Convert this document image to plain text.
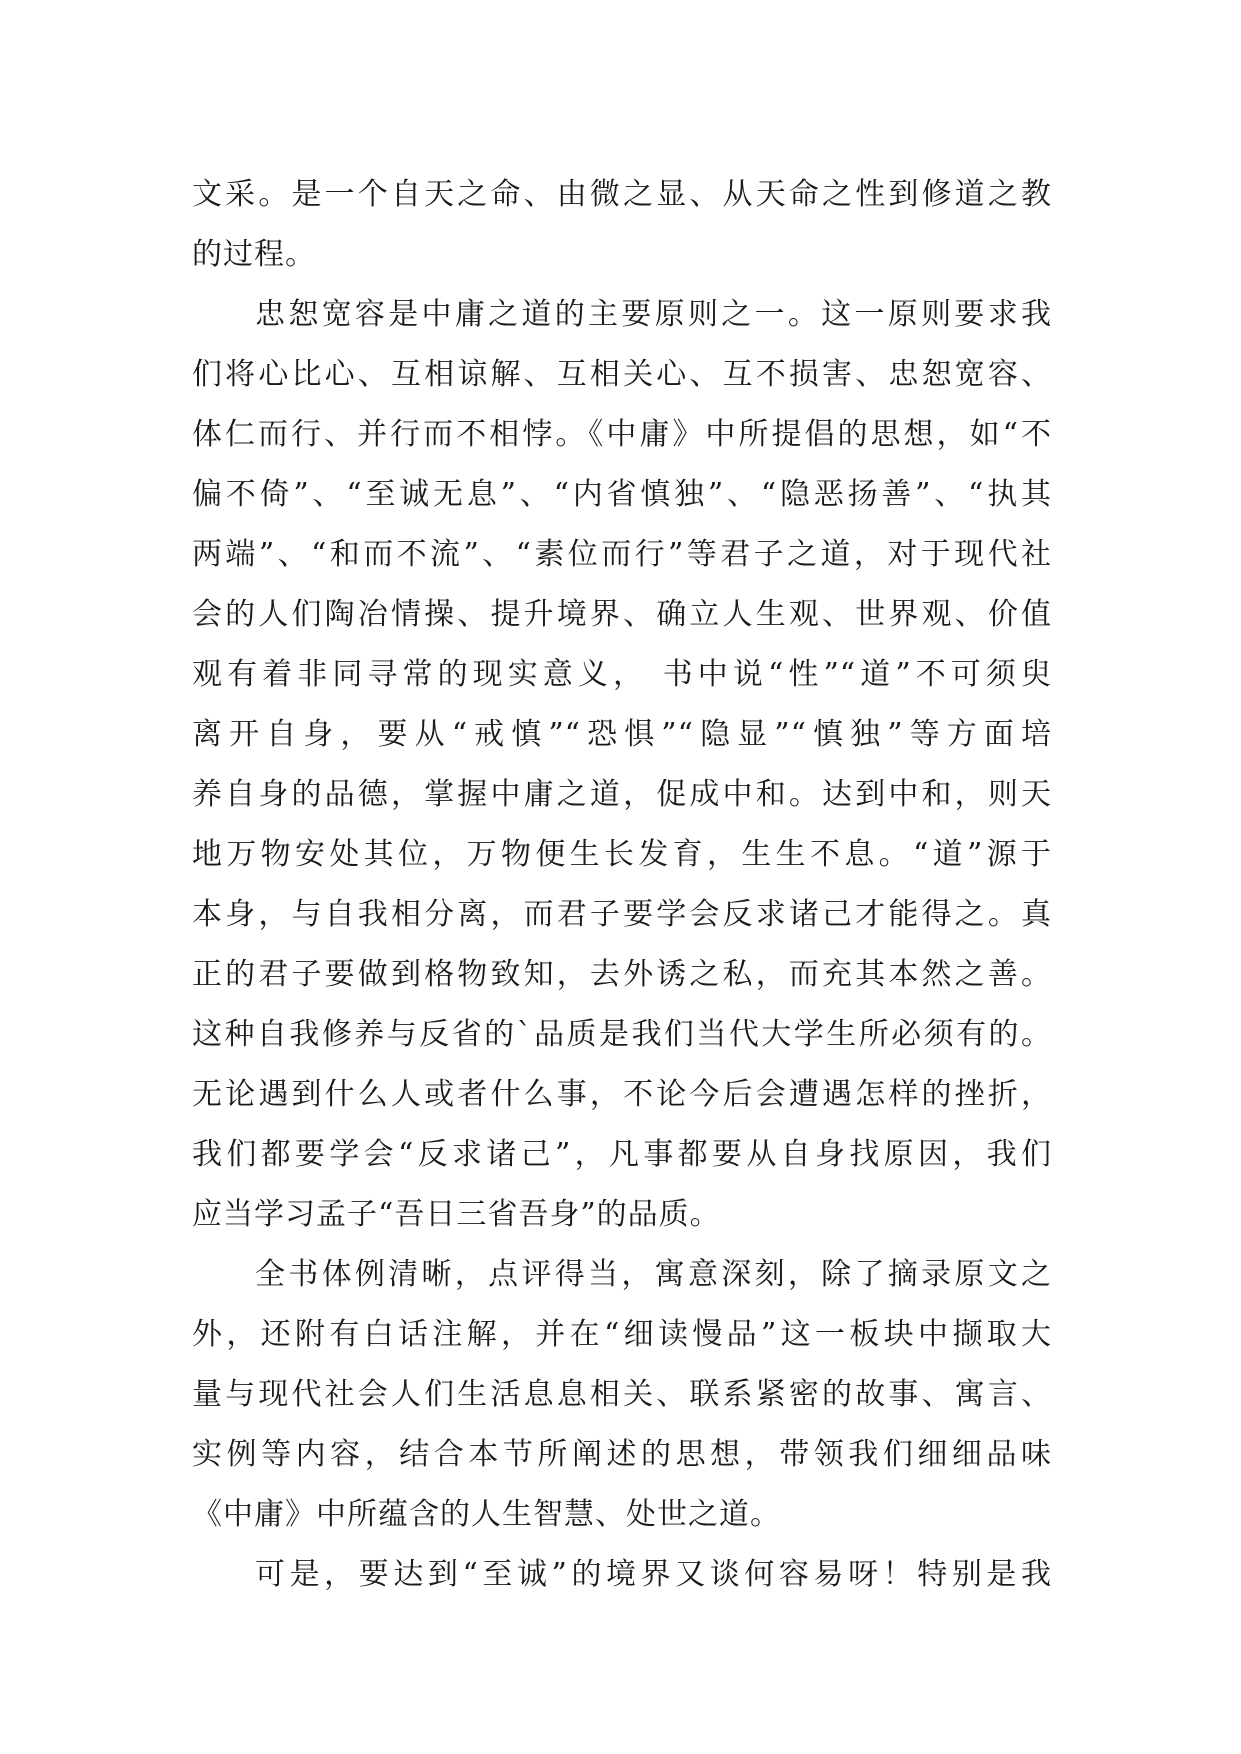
文采。是一个自天之命、由微之显、从天命之性到修道之教
的过程。
忠恕宽容是中庸之道的主要原则之一。这一原则要求我
们将心比心、互相谅解、互相关心、互不损害、忠恕宽容、
体仁而行、并行而不相悖。《中庸》中所提倡的思想，如“不
偏不倚”、“至诚无息”、“内省慎独”、“隐恶扬善”、“执其
两端”、“和而不流”、“素位而行”等君子之道，对于现代社
会的人们陶冶情操、提升境界、确立人生观、世界观、价值
观有着非同寻常的现实意义， 书中说“性”“道”不可须臾
离开自身，要从“戒慎”“恐惧”“隐显”“慎独”等方面培
养自身的品德，掌握中庸之道，促成中和。达到中和，则天
地万物安处其位，万物便生长发育，生生不息。“道”源于
本身，与自我相分离，而君子要学会反求诸己才能得之。真
正的君子要做到格物致知，去外诱之私，而充其本然之善。
这种自我修养与反省的`品质是我们当代大学生所必须有的。
无论遇到什么人或者什么事，不论今后会遭遇怎样的挫折，
我们都要学会“反求诸己”，凡事都要从自身找原因，我们
应当学习孟子“吾日三省吾身”的品质。
全书体例清晰，点评得当，寓意深刻，除了摘录原文之
外，还附有白话注解，并在“细读慢品”这一板块中撷取大
量与现代社会人们生活息息相关、联系紧密的故事、寓言、
实例等内容，结合本节所阐述的思想，带领我们细细品味
《中庸》中所蕴含的人生智慧、处世之道。
可是，要达到“至诚”的境界又谈何容易呀！特别是我
